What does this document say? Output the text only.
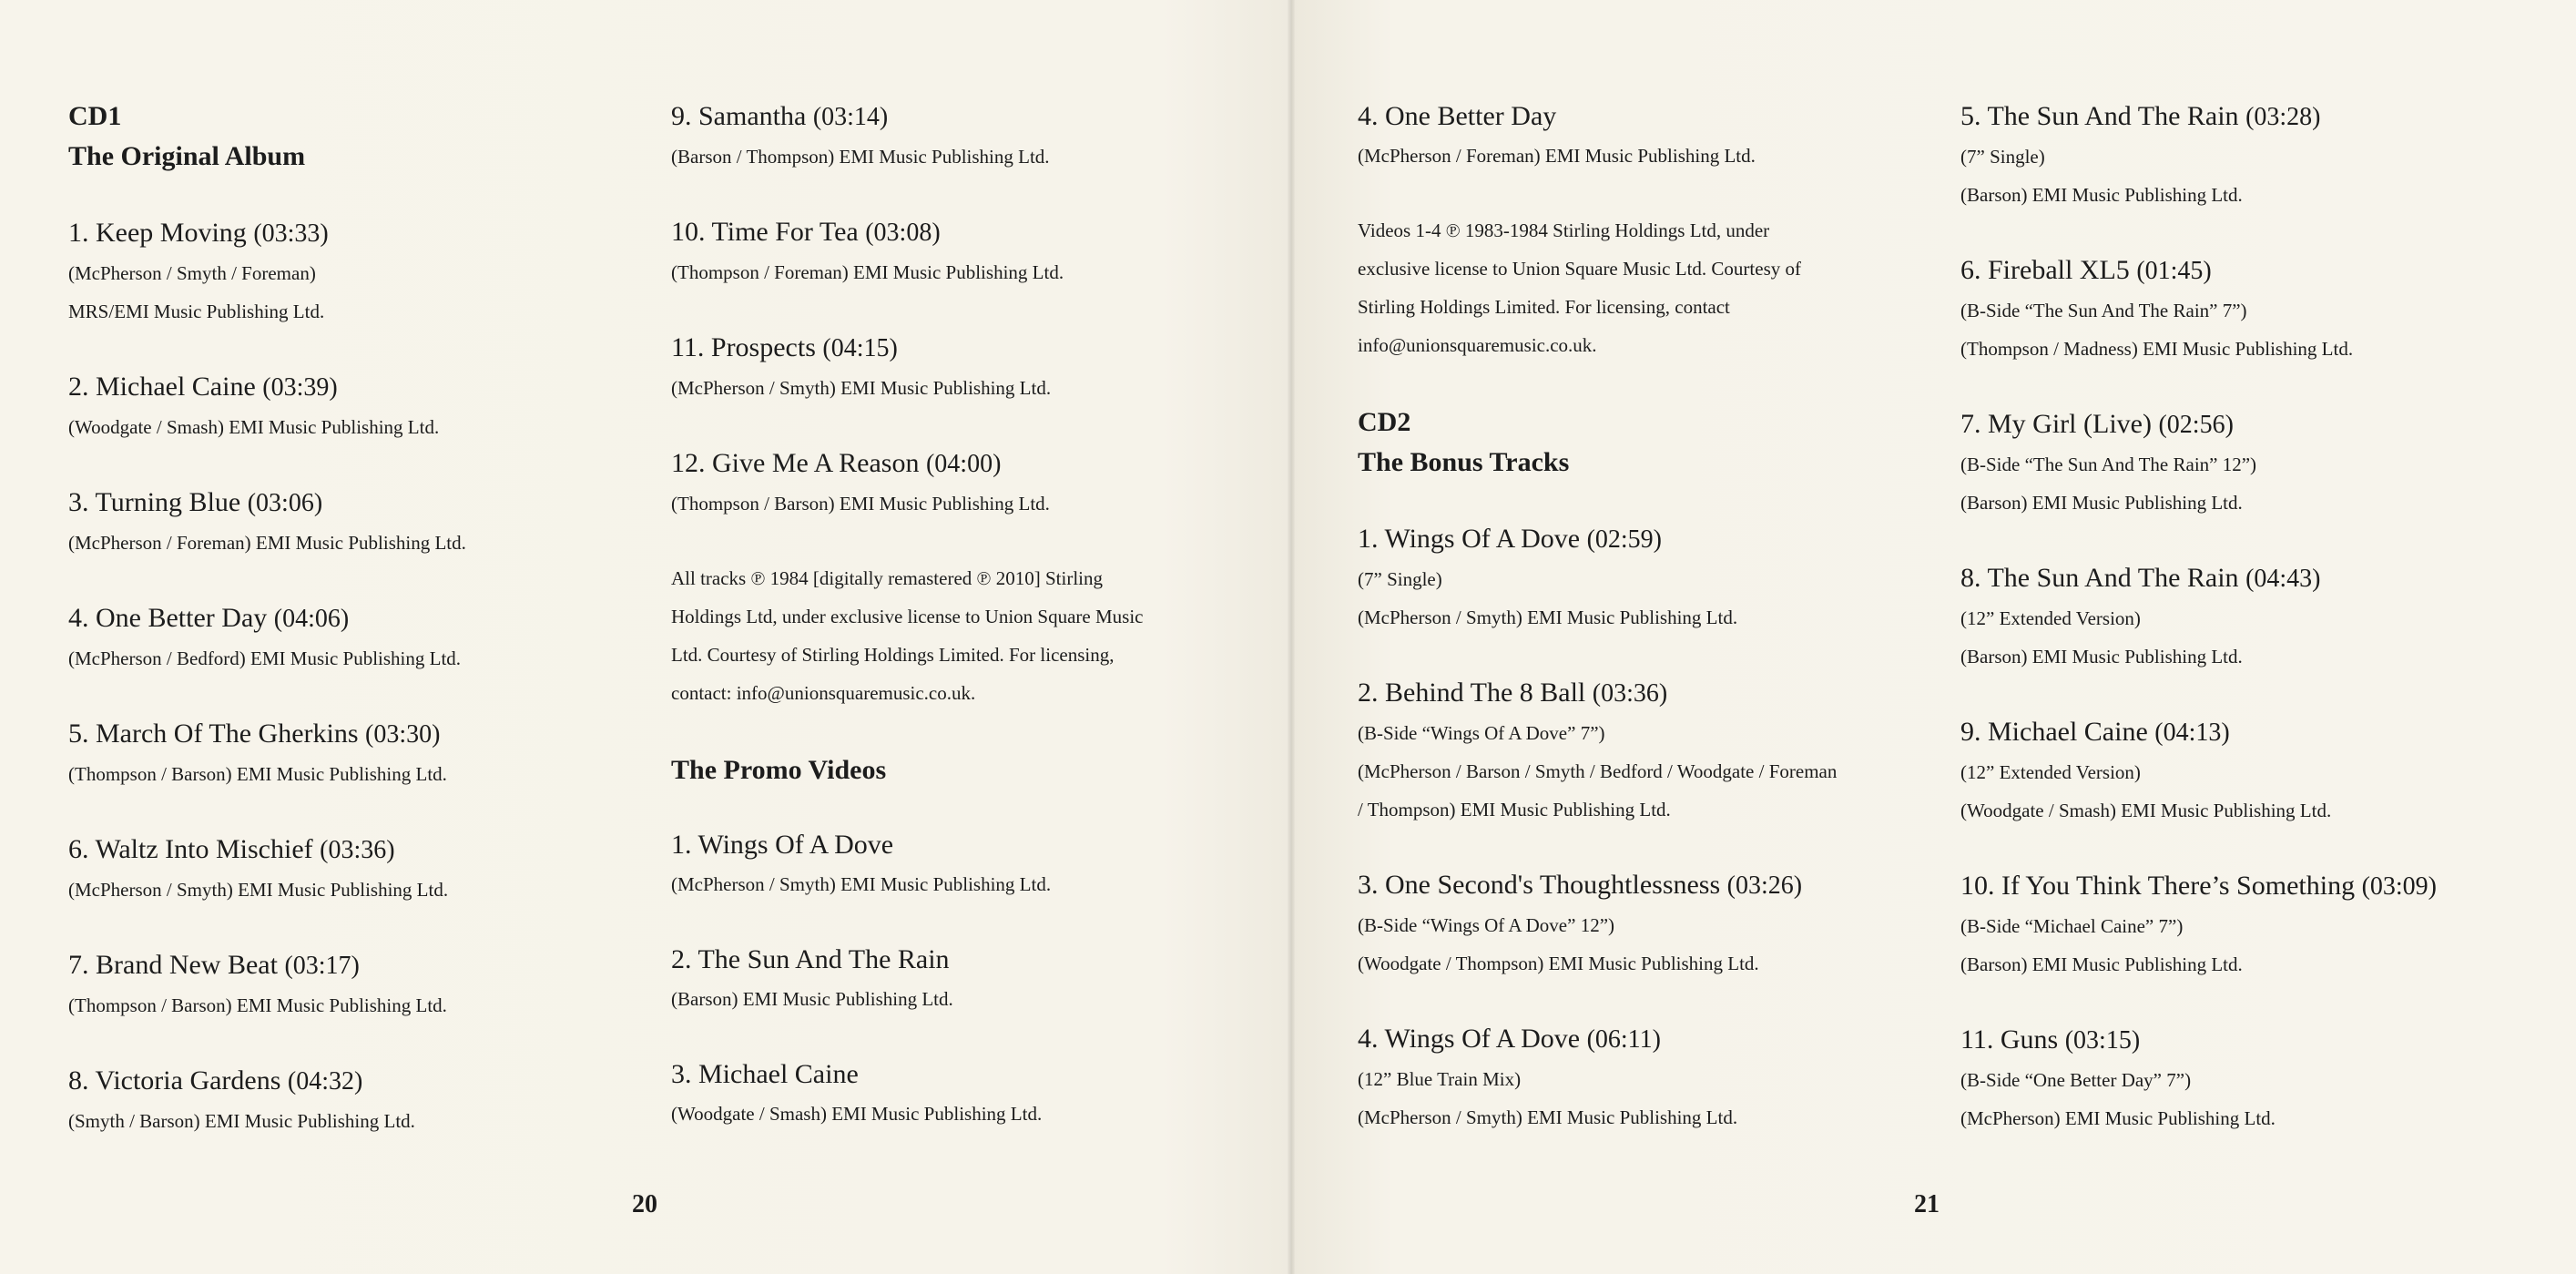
CD1
The Original Album
1. Keep Moving (03:33)
(McPherson / Smyth / Foreman)
MRS/EMI Music Publishing Ltd.
2. Michael Caine (03:39)
(Woodgate / Smash) EMI Music Publishing Ltd.
3. Turning Blue (03:06)
(McPherson / Foreman) EMI Music Publishing Ltd.
4. One Better Day (04:06)
(McPherson / Bedford) EMI Music Publishing Ltd.
5. March Of The Gherkins (03:30)
(Thompson / Barson) EMI Music Publishing Ltd.
6. Waltz Into Mischief (03:36)
(McPherson / Smyth) EMI Music Publishing Ltd.
7. Brand New Beat (03:17)
(Thompson / Barson) EMI Music Publishing Ltd.
8. Victoria Gardens (04:32)
(Smyth / Barson) EMI Music Publishing Ltd.
9. Samantha (03:14)
(Barson / Thompson) EMI Music Publishing Ltd.
10. Time For Tea (03:08)
(Thompson / Foreman) EMI Music Publishing Ltd.
11. Prospects (04:15)
(McPherson / Smyth) EMI Music Publishing Ltd.
12. Give Me A Reason (04:00)
(Thompson / Barson) EMI Music Publishing Ltd.
All tracks ℗ 1984 [digitally remastered ℗ 2010] Stirling
Holdings Ltd, under exclusive license to Union Square Music
Ltd. Courtesy of Stirling Holdings Limited. For licensing,
contact: info@unionsquaremusic.co.uk.
The Promo Videos
1. Wings Of A Dove
(McPherson / Smyth) EMI Music Publishing Ltd.
2. The Sun And The Rain
(Barson) EMI Music Publishing Ltd.
3. Michael Caine
(Woodgate / Smash) EMI Music Publishing Ltd.
4. One Better Day
(McPherson / Foreman) EMI Music Publishing Ltd.
Videos 1-4 ℗ 1983-1984 Stirling Holdings Ltd, under
exclusive license to Union Square Music Ltd. Courtesy of
Stirling Holdings Limited. For licensing, contact
info@unionsquaremusic.co.uk.
CD2
The Bonus Tracks
1. Wings Of A Dove (02:59)
(7” Single)
(McPherson / Smyth) EMI Music Publishing Ltd.
2. Behind The 8 Ball (03:36)
(B-Side “Wings Of A Dove” 7”)
(McPherson / Barson / Smyth / Bedford / Woodgate / Foreman
/ Thompson) EMI Music Publishing Ltd.
3. One Second's Thoughtlessness (03:26)
(B-Side “Wings Of A Dove” 12”)
(Woodgate / Thompson) EMI Music Publishing Ltd.
4. Wings Of A Dove (06:11)
(12” Blue Train Mix)
(McPherson / Smyth) EMI Music Publishing Ltd.
5. The Sun And The Rain (03:28)
(7” Single)
(Barson) EMI Music Publishing Ltd.
6. Fireball XL5 (01:45)
(B-Side “The Sun And The Rain” 7”)
(Thompson / Madness) EMI Music Publishing Ltd.
7. My Girl (Live) (02:56)
(B-Side “The Sun And The Rain” 12”)
(Barson) EMI Music Publishing Ltd.
8. The Sun And The Rain (04:43)
(12” Extended Version)
(Barson) EMI Music Publishing Ltd.
9. Michael Caine (04:13)
(12” Extended Version)
(Woodgate / Smash) EMI Music Publishing Ltd.
10. If You Think There’s Something (03:09)
(B-Side “Michael Caine” 7”)
(Barson) EMI Music Publishing Ltd.
11. Guns (03:15)
(B-Side “One Better Day” 7”)
(McPherson) EMI Music Publishing Ltd.
20	21
